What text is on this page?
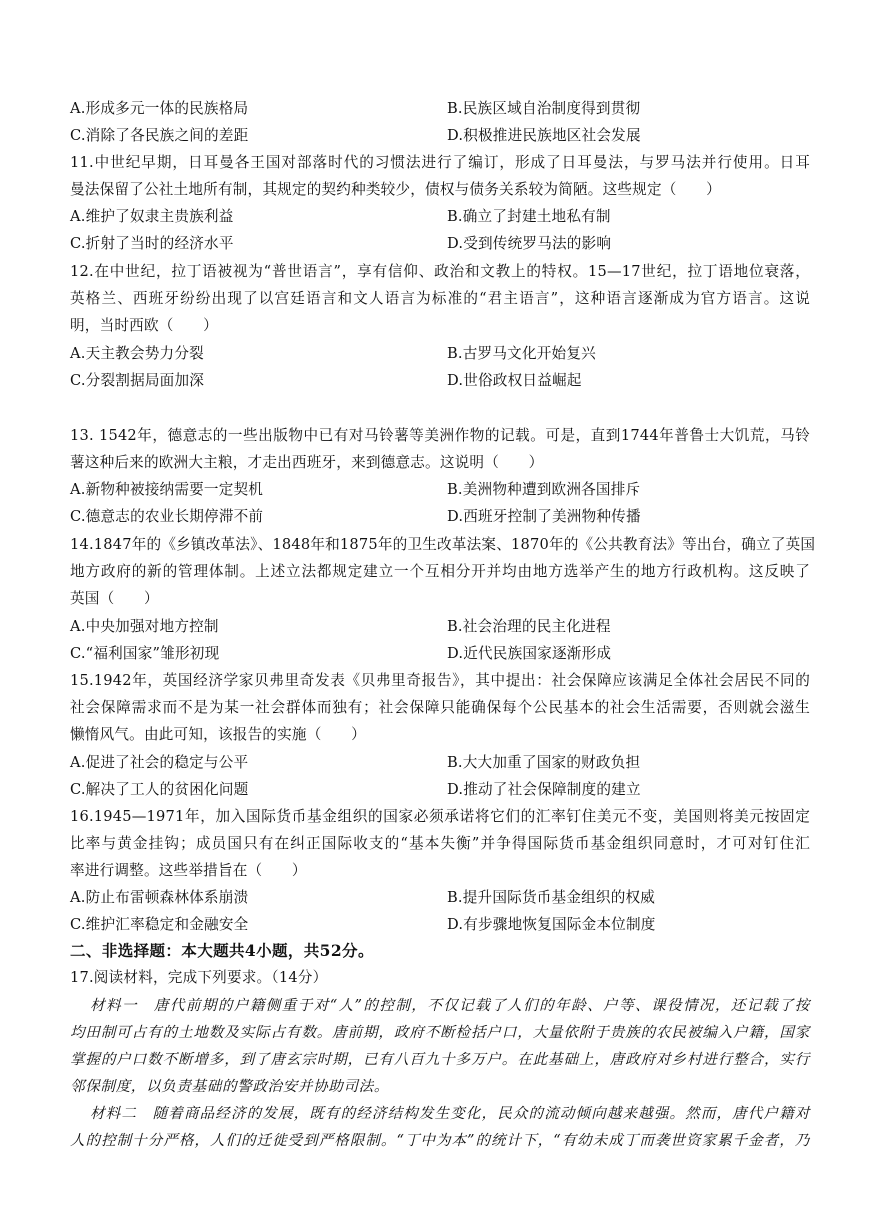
A.形成多元一体的民族格局	B.民族区域自治制度得到贯彻
C.消除了各民族之间的差距	D.积极推进民族地区社会发展
11.中世纪早期，日耳曼各王国对部落时代的习惯法进行了编订，形成了日耳曼法，与罗马法并行使用。日耳
曼法保留了公社土地所有制，其规定的契约种类较少，债权与债务关系较为简陋。这些规定（　　）
A.维护了奴隶主贵族利益	B.确立了封建土地私有制
C.折射了当时的经济水平	D.受到传统罗马法的影响
12.在中世纪，拉丁语被视为“普世语言”，享有信仰、政治和文教上的特权。15—17世纪，拉丁语地位衰落，
英格兰、西班牙纷纷出现了以宫廷语言和文人语言为标准的“君主语言”，这种语言逐渐成为官方语言。这说
明，当时西欧（　　）
A.天主教会势力分裂	B.古罗马文化开始复兴
C.分裂割据局面加深	D.世俗政权日益崛起
13. 1542年，德意志的一些出版物中已有对马铃薯等美洲作物的记载。可是，直到1744年普鲁士大饥荒，马铃
薯这种后来的欧洲大主粮，才走出西班牙，来到德意志。这说明（　　）
A.新物种被接纳需要一定契机	B.美洲物种遭到欧洲各国排斥
C.德意志的农业长期停滞不前	D.西班牙控制了美洲物种传播
14.1847年的《乡镇改革法》、1848年和1875年的卫生改革法案、1870年的《公共教育法》等出台，确立了英国
地方政府的新的管理体制。上述立法都规定建立一个互相分开并均由地方选举产生的地方行政机构。这反映了
英国（　　）
A.中央加强对地方控制	B.社会治理的民主化进程
C.“福利国家”雏形初现	D.近代民族国家逐渐形成
15.1942年，英国经济学家贝弗里奇发表《贝弗里奇报告》，其中提出：社会保障应该满足全体社会居民不同的
社会保障需求而不是为某一社会群体而独有；社会保障只能确保每个公民基本的社会生活需要，否则就会滋生
懒惰风气。由此可知，该报告的实施（　　）
A.促进了社会的稳定与公平	B.大大加重了国家的财政负担
C.解决了工人的贫困化问题	D.推动了社会保障制度的建立
16.1945—1971年，加入国际货币基金组织的国家必须承诺将它们的汇率钉住美元不变，美国则将美元按固定
比率与黄金挂钩；成员国只有在纠正国际收支的“基本失衡”并争得国际货币基金组织同意时，才可对钉住汇
率进行调整。这些举措旨在（　　）
A.防止布雷顿森林体系崩溃	B.提升国际货币基金组织的权威
C.维护汇率稳定和金融安全	D.有步骤地恢复国际金本位制度
二、非选择题：本大题共4小题，共52分。
17.阅读材料，完成下列要求。（14分）
材料一　唐代前期的户籍侧重于对“人”的控制，不仅记载了人们的年龄、户等、课役情况，还记载了按
均田制可占有的土地数及实际占有数。唐前期，政府不断检括户口，大量依附于贵族的农民被编入户籍，国家
掌握的户口数不断增多，到了唐玄宗时期，已有八百九十多万户。在此基础上，唐政府对乡村进行整合，实行
邻保制度，以负责基础的警政治安并协助司法。
材料二　随着商品经济的发展，既有的经济结构发生变化，民众的流动倾向越来越强。然而，唐代户籍对
人的控制十分严格，人们的迁徙受到严格限制。“丁中为本”的统计下，“有幼未成丁而袭世资家累千金者，乃
